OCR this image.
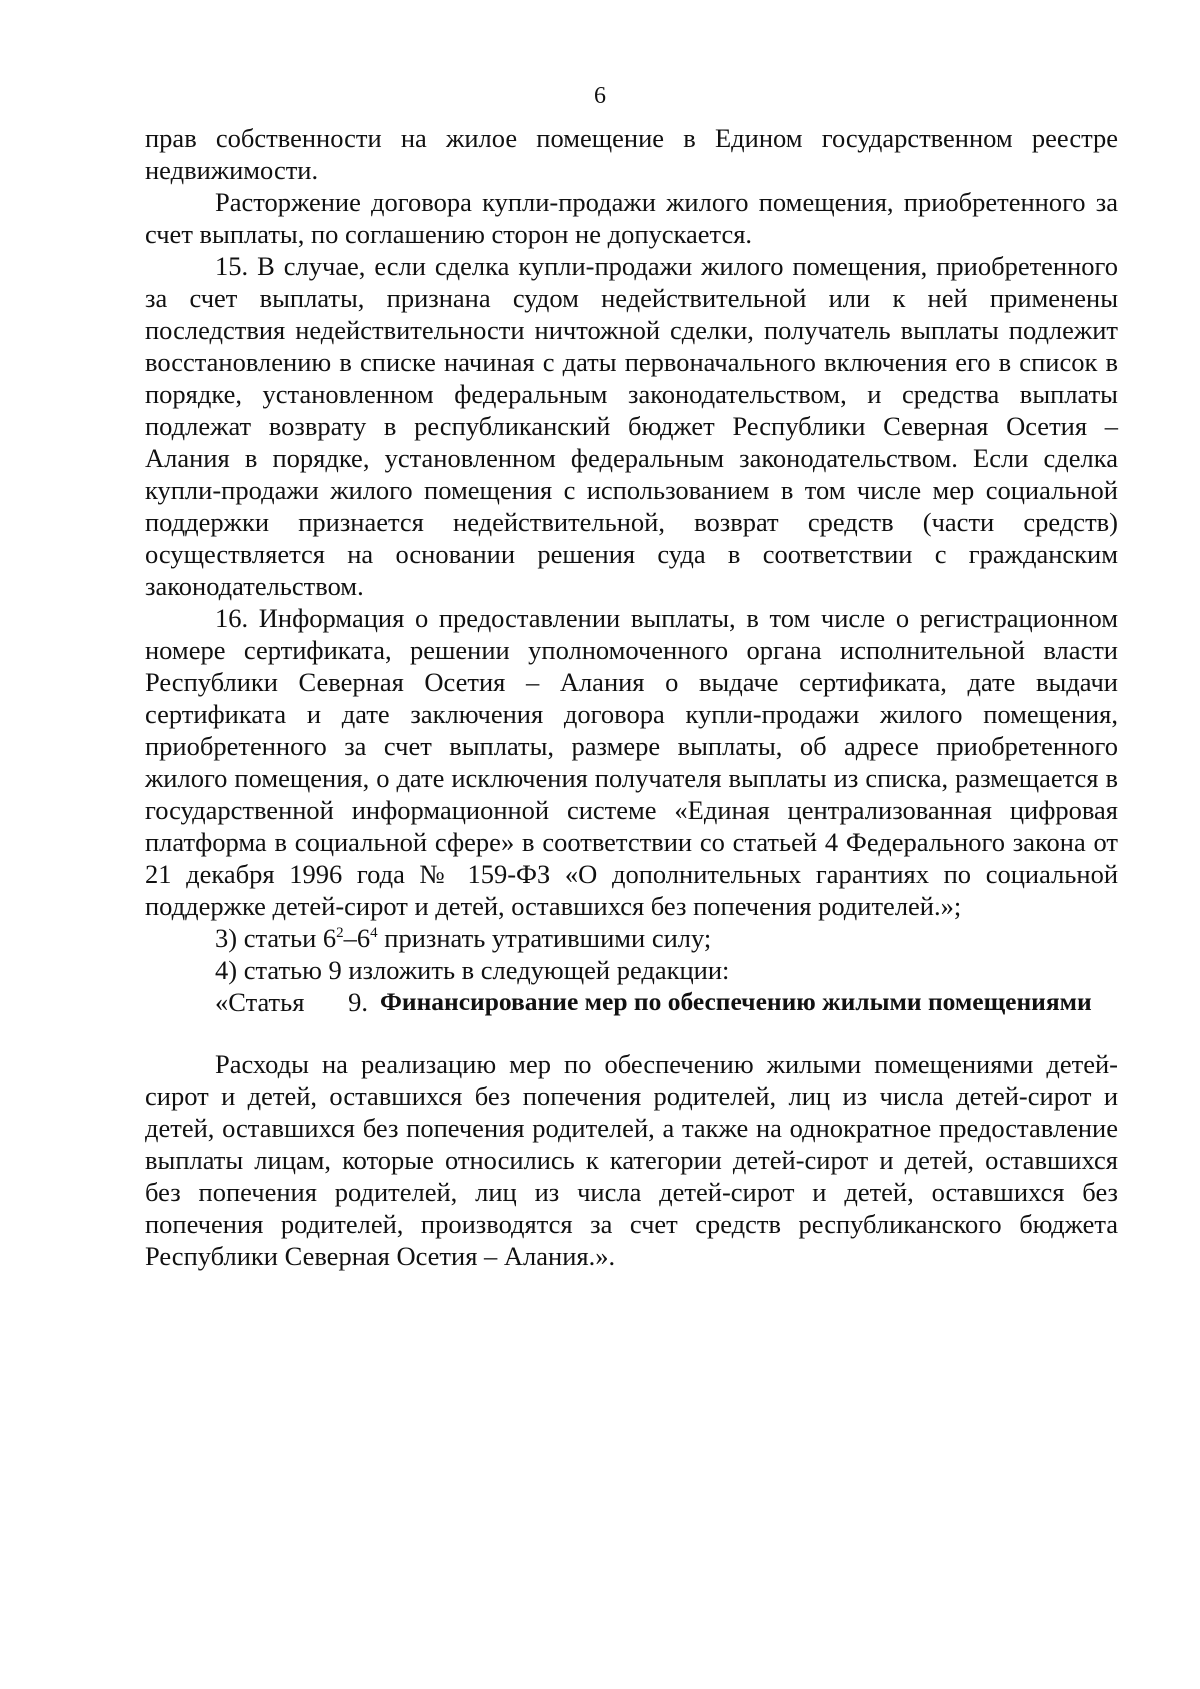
6

прав собственности на жилое помещение в Едином государственном реестре недвижимости.

Расторжение договора купли-продажи жилого помещения, приобретенного за счет выплаты, по соглашению сторон не допускается.

15. В случае, если сделка купли-продажи жилого помещения, приобретенного за счет выплаты, признана судом недействительной или к ней применены последствия недействительности ничтожной сделки, получатель выплаты подлежит восстановлению в списке начиная с даты первоначального включения его в список в порядке, установленном федеральным законодательством, и средства выплаты подлежат возврату в республиканский бюджет Республики Северная Осетия – Алания в порядке, установленном федеральным законодательством. Если сделка купли-продажи жилого помещения с использованием в том числе мер социальной поддержки признается недействительной, возврат средств (части средств) осуществляется на основании решения суда в соответствии с гражданским законодательством.

16. Информация о предоставлении выплаты, в том числе о регистрационном номере сертификата, решении уполномоченного органа исполнительной власти Республики Северная Осетия – Алания о выдаче сертификата, дате выдачи сертификата и дате заключения договора купли-продажи жилого помещения, приобретенного за счет выплаты, размере выплаты, об адресе приобретенного жилого помещения, о дате исключения получателя выплаты из списка, размещается в государственной информационной системе «Единая централизованная цифровая платформа в социальной сфере» в соответствии со статьей 4 Федерального закона от 21 декабря 1996 года № 159-ФЗ «О дополнительных гарантиях по социальной поддержке детей-сирот и детей, оставшихся без попечения родителей.»;

3) статьи $6^2-6^4$ признать утратившими силу;

4) статью 9 изложить в следующей редакции:

«Статья 9. Финансирование мер по обеспечению жилыми помещениями

Расходы на реализацию мер по обеспечению жилыми помещениями детей-сирот и детей, оставшихся без попечения родителей, лиц из числа детей-сирот и детей, оставшихся без попечения родителей, а также на однократное предоставление выплаты лицам, которые относились к категории детей-сирот и детей, оставшихся без попечения родителей, лиц из числа детей-сирот и детей, оставшихся без попечения родителей, производятся за счет средств республиканского бюджета Республики Северная Осетия – Алания.».
